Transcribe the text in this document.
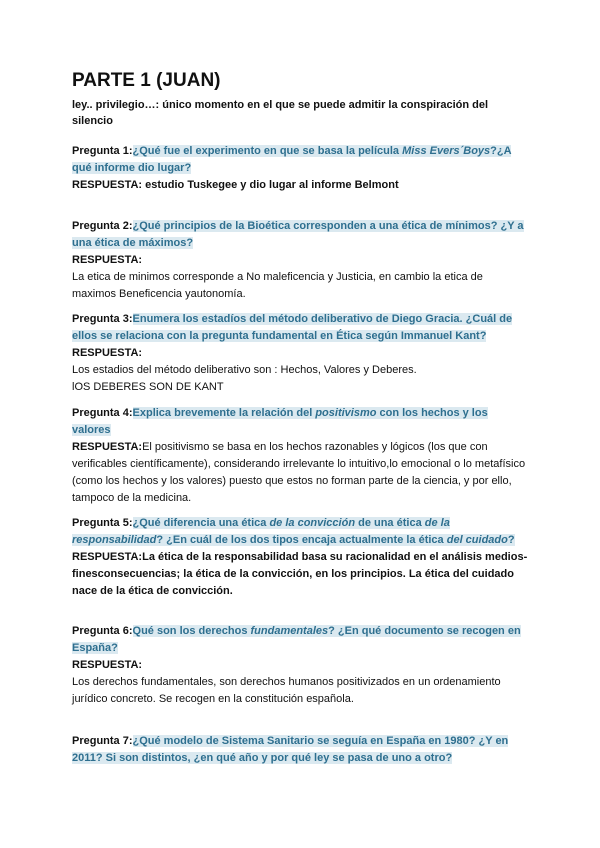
PARTE 1 (JUAN)

ley.. privilegio…: único momento en el que se puede admitir la conspiración del silencio

Pregunta 1:¿Qué fue el experimento en que se basa la película Miss Evers´Boys?¿A qué informe dio lugar?
RESPUESTA: estudio Tuskegee y dio lugar al informe Belmont
Pregunta 2:¿Qué principios de la Bioética corresponden a una ética de mínimos? ¿Y a una ética de máximos?
RESPUESTA:
La etica de minimos corresponde a No maleficencia y Justicia, en cambio la etica de maximos Beneficencia yautonomía.
Pregunta 3:Enumera los estadíos del método deliberativo de Diego Gracia. ¿Cuál de ellos se relaciona con la pregunta fundamental en Ética según Immanuel Kant?
RESPUESTA:
Los estadios del método deliberativo son : Hechos, Valores y Deberes.
lOS DEBERES SON DE KANT
Pregunta 4:Explica brevemente la relación del positivismo con los hechos y los valores
RESPUESTA:El positivismo se basa en los hechos razonables y lógicos (los que con verificables científicamente), considerando irrelevante lo intuitivo,lo emocional o lo metafísico (como los hechos y los valores) puesto que estos no forman parte de la ciencia, y por ello, tampoco de la medicina.
Pregunta 5:¿Qué diferencia una ética de la convicción de una ética de la responsabilidad? ¿En cuál de los dos tipos encaja actualmente la ética del cuidado?
RESPUESTA:La ética de la responsabilidad basa su racionalidad en el análisis medios-finesconsecuencias; la ética de la convicción, en los principios. La ética del cuidado nace de la ética de convicción.
Pregunta 6:Qué son los derechos fundamentales? ¿En qué documento se recogen en España?
RESPUESTA:
Los derechos fundamentales, son derechos humanos positivizados en un ordenamiento jurídico concreto. Se recogen en la constitución española.
Pregunta 7:¿Qué modelo de Sistema Sanitario se seguía en España en 1980? ¿Y en 2011? Si son distintos, ¿en qué año y por qué ley se pasa de uno a otro?
